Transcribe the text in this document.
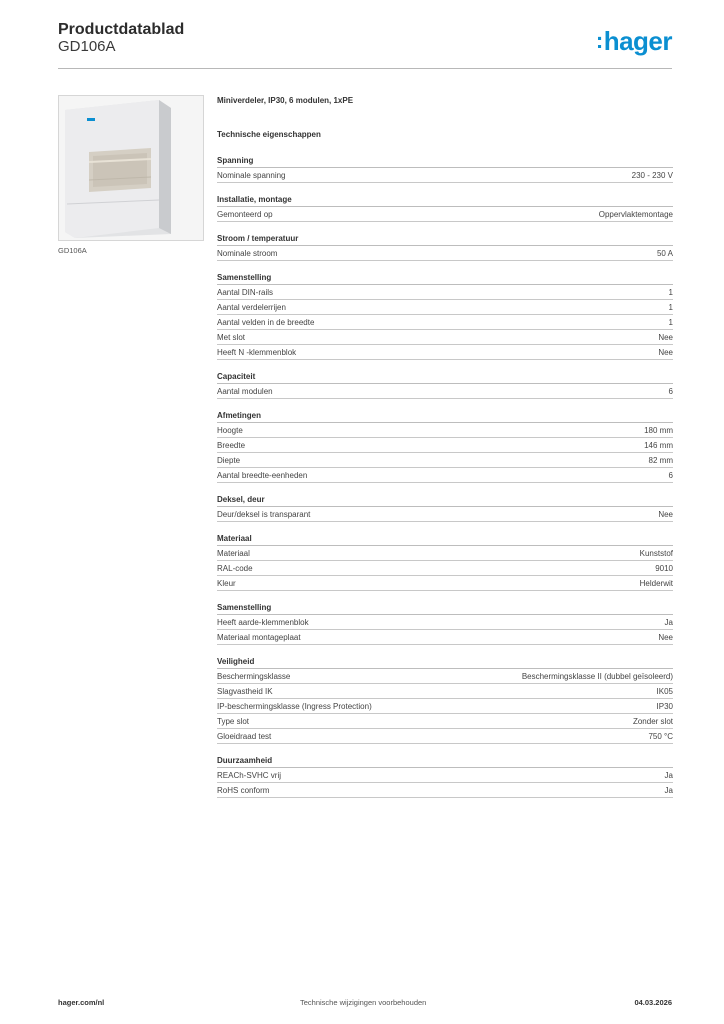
Productdatablad
GD106A	:hager
GD106A
Miniverdeler, IP30, 6 modulen, 1xPE
Technische eigenschappen
Spanning
Nominale spanning	230 - 230 V
Installatie, montage
Gemonteerd op	Oppervlaktemontage
Stroom / temperatuur
Nominale stroom	50 A
Samenstelling
Aantal DIN-rails	1
Aantal verdelerrijen	1
Aantal velden in de breedte	1
Met slot	Nee
Heeft N -klemmenblok	Nee
Capaciteit
Aantal modulen	6
Afmetingen
Hoogte	180 mm
Breedte	146 mm
Diepte	82 mm
Aantal breedte-eenheden	6
Deksel, deur
Deur/deksel is transparant	Nee
Materiaal
Materiaal	Kunststof
RAL-code	9010
Kleur	Helderwit
Samenstelling
Heeft aarde-klemmenblok	Ja
Materiaal montageplaat	Nee
Veiligheid
Beschermingsklasse	Beschermingsklasse II (dubbel geïsoleerd)
Slagvastheid IK	IK05
IP-beschermingsklasse (Ingress Protection)	IP30
Type slot	Zonder slot
Gloeidraad test	750 °C
Duurzaamheid
REACh-SVHC vrij	Ja
RoHS conform	Ja
hager.com/nl	Technische wijzigingen voorbehouden	04.03.2026
